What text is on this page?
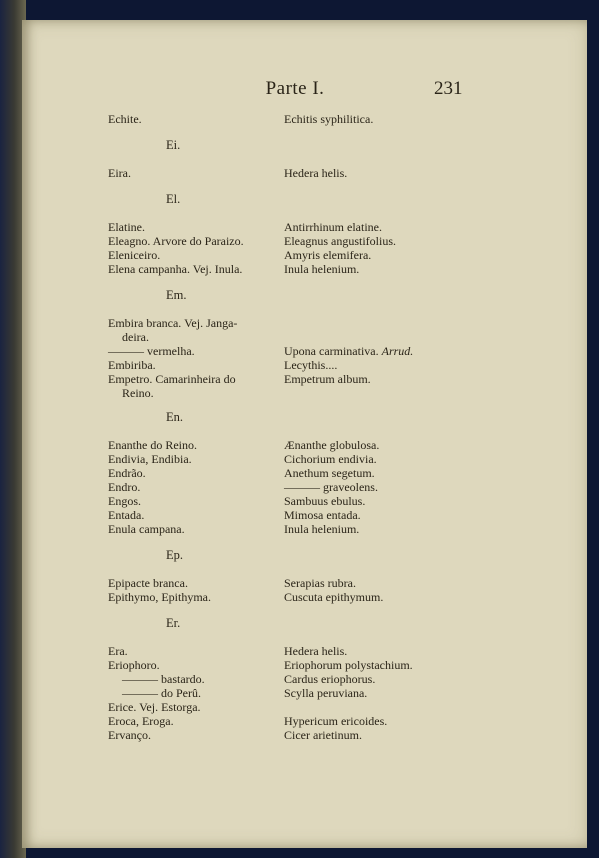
Parte I.	231
Echite.	Echitis syphilitica.
Ei.
Eira.	Hedera helis.
El.
Elatine.	Antirrhinum elatine.
Eleagno. Arvore do Paraizo.	Eleagnus angustifolius.
Eleniceiro.	Amyris elemifera.
Elena campanha. Vej. Inula.	Inula helenium.
Em.
Embira branca. Vej. Janga-
deira.
——— vermelha.	Upona carminativa. Arrud.
Embiriba.	Lecythis....
Empetro. Camarinheira do	Empetrum album.
Reino.
En.
Enanthe do Reino.	Ænanthe globulosa.
Endivia, Endibia.	Cichorium endivia.
Endrão.	Anethum segetum.
Endro.	——— graveolens.
Engos.	Sambuus ebulus.
Entada.	Mimosa entada.
Enula campana.	Inula helenium.
Ep.
Epipacte branca.	Serapias rubra.
Epithymo, Epithyma.	Cuscuta epithymum.
Er.
Era.	Hedera helis.
Eriophoro.	Eriophorum polystachium.
——— bastardo.	Cardus eriophorus.
——— do Perû.	Scylla peruviana.
Erice. Vej. Estorga.
Eroca, Eroga.	Hypericum ericoides.
Ervanço.	Cicer arietinum.
